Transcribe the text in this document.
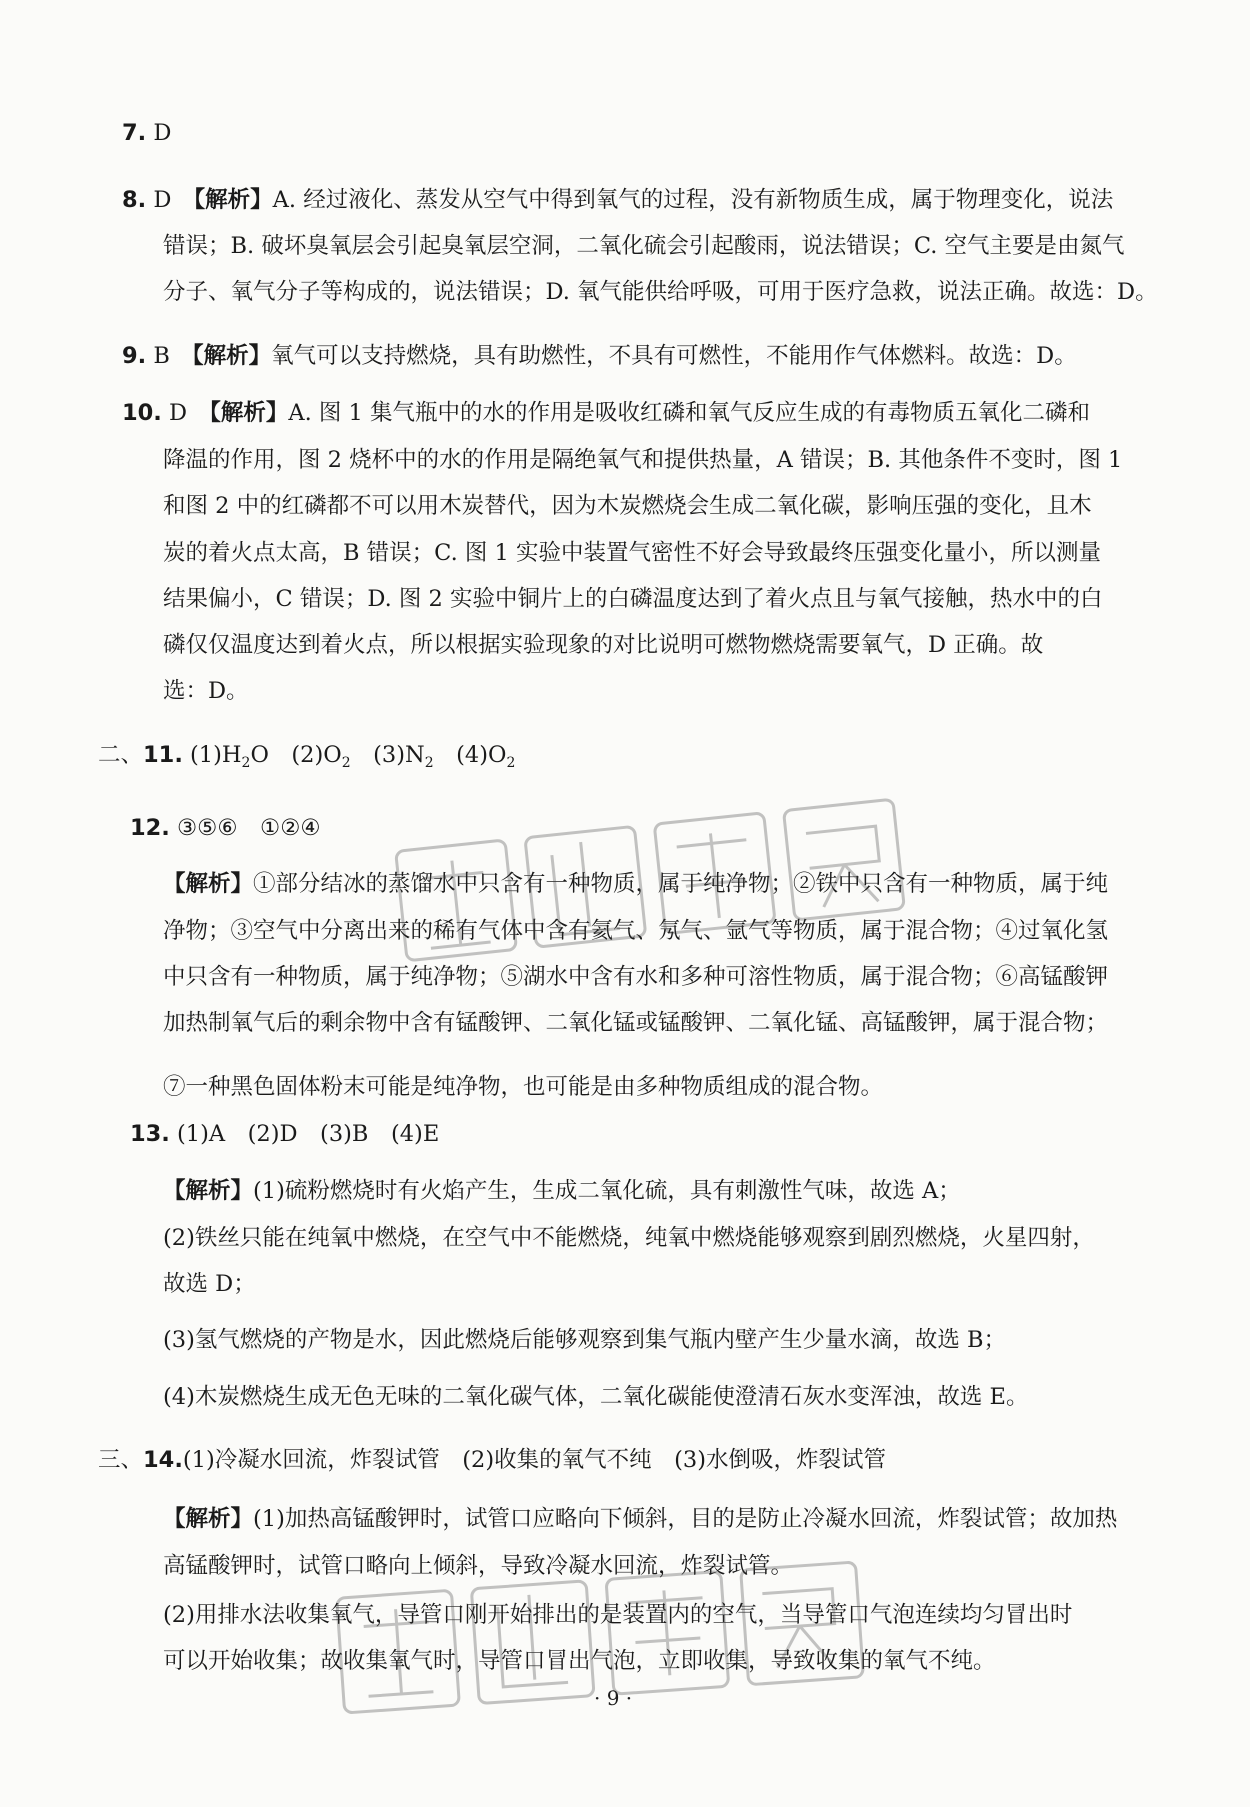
7. D
8. D　【解析】A. 经过液化、蒸发从空气中得到氧气的过程，没有新物质生成，属于物理变化，说法
错误；B. 破坏臭氧层会引起臭氧层空洞，二氧化硫会引起酸雨，说法错误；C. 空气主要是由氮气
分子、氧气分子等构成的，说法错误；D. 氧气能供给呼吸，可用于医疗急救，说法正确。故选：D。
9. B　【解析】氧气可以支持燃烧，具有助燃性，不具有可燃性，不能用作气体燃料。故选：D。
10. D　【解析】A. 图 1 集气瓶中的水的作用是吸收红磷和氧气反应生成的有毒物质五氧化二磷和
降温的作用，图 2 烧杯中的水的作用是隔绝氧气和提供热量，A 错误；B. 其他条件不变时，图 1
和图 2 中的红磷都不可以用木炭替代，因为木炭燃烧会生成二氧化碳，影响压强的变化，且木
炭的着火点太高，B 错误；C. 图 1 实验中装置气密性不好会导致最终压强变化量小，所以测量
结果偏小，C 错误；D. 图 2 实验中铜片上的白磷温度达到了着火点且与氧气接触，热水中的白
磷仅仅温度达到着火点，所以根据实验现象的对比说明可燃物燃烧需要氧气，D 正确。故
选：D。
二、11. $(1)H_2O$　$(2)O_2$　$(3)N_2$　$(4)O_2$
12. ③⑤⑥　①②④
【解析】①部分结冰的蒸馏水中只含有一种物质，属于纯净物；②铁中只含有一种物质，属于纯
净物；③空气中分离出来的稀有气体中含有氦气、氖气、氩气等物质，属于混合物；④过氧化氢
中只含有一种物质，属于纯净物；⑤湖水中含有水和多种可溶性物质，属于混合物；⑥高锰酸钾
加热制氧气后的剩余物中含有锰酸钾、二氧化锰或锰酸钾、二氧化锰、高锰酸钾，属于混合物；
⑦一种黑色固体粉末可能是纯净物，也可能是由多种物质组成的混合物。
13. (1)A　(2)D　(3)B　(4)E
【解析】(1)硫粉燃烧时有火焰产生，生成二氧化硫，具有刺激性气味，故选 A；
(2)铁丝只能在纯氧中燃烧，在空气中不能燃烧，纯氧中燃烧能够观察到剧烈燃烧，火星四射，
故选 D；
(3)氢气燃烧的产物是水，因此燃烧后能够观察到集气瓶内壁产生少量水滴，故选 B；
(4)木炭燃烧生成无色无味的二氧化碳气体，二氧化碳能使澄清石灰水变浑浊，故选 E。
三、14.(1)冷凝水回流，炸裂试管　(2)收集的氧气不纯　(3)水倒吸，炸裂试管
【解析】(1)加热高锰酸钾时，试管口应略向下倾斜，目的是防止冷凝水回流，炸裂试管；故加热
高锰酸钾时，试管口略向上倾斜，导致冷凝水回流，炸裂试管。
(2)用排水法收集氧气，导管口刚开始排出的是装置内的空气，当导管口气泡连续均匀冒出时
可以开始收集；故收集氧气时，导管口冒出气泡，立即收集，导致收集的氧气不纯。
· 9 ·
